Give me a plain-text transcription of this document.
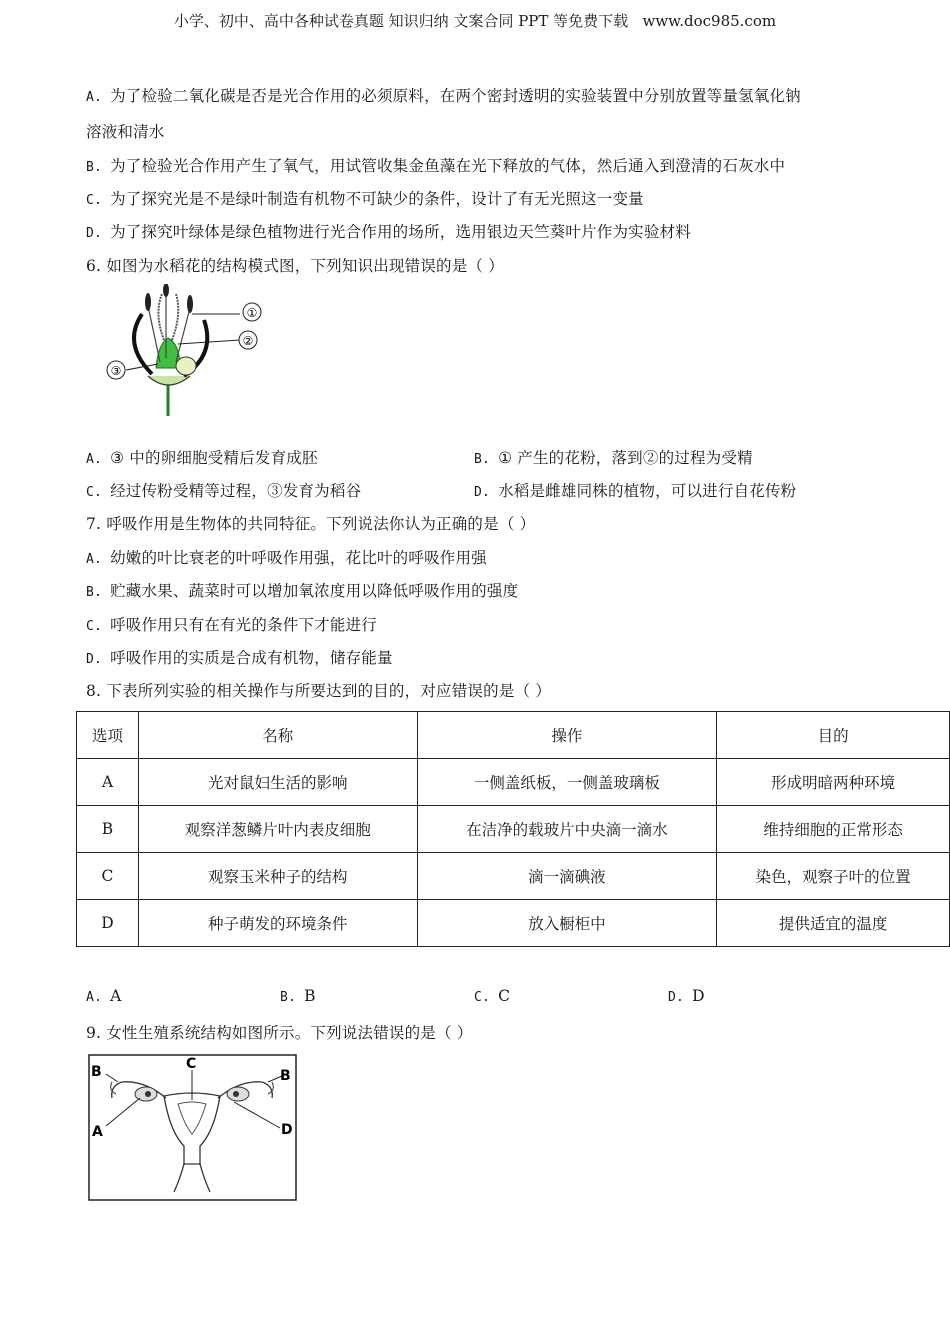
小学、初中、高中各种试卷真题 知识归纳 文案合同 PPT 等免费下载 www.doc985.com
A. 为了检验二氧化碳是否是光合作用的必须原料，在两个密封透明的实验装置中分别放置等量氢氧化钠
溶液和清水
B. 为了检验光合作用产生了氧气，用试管收集金鱼藻在光下释放的气体，然后通入到澄清的石灰水中
C. 为了探究光是不是绿叶制造有机物不可缺少的条件，设计了有无光照这一变量
D. 为了探究叶绿体是绿色植物进行光合作用的场所，选用银边天竺葵叶片作为实验材料
6. 如图为水稻花的结构模式图，下列知识出现错误的是（ ）
①
②
③
A. ③ 中的卵细胞受精后发育成胚	B. ① 产生的花粉，落到②的过程为受精
C. 经过传粉受精等过程，③发育为稻谷	D. 水稻是雌雄同株的植物，可以进行自花传粉
7. 呼吸作用是生物体的共同特征。下列说法你认为正确的是（ ）
A. 幼嫩的叶比衰老的叶呼吸作用强，花比叶的呼吸作用强
B. 贮藏水果、蔬菜时可以增加氧浓度用以降低呼吸作用的强度
C. 呼吸作用只有在有光的条件下才能进行
D. 呼吸作用的实质是合成有机物，储存能量
8. 下表所列实验的相关操作与所要达到的目的，对应错误的是（ ）
选项	名称	操作	目的
A	光对鼠妇生活的影响	一侧盖纸板，一侧盖玻璃板	形成明暗两种环境
B	观察洋葱鳞片叶内表皮细胞	在洁净的载玻片中央滴一滴水	维持细胞的正常形态
C	观察玉米种子的结构	滴一滴碘液	染色，观察子叶的位置
D	种子萌发的环境条件	放入橱柜中	提供适宜的温度
A. A	B. B	C. C	D. D
9. 女性生殖系统结构如图所示。下列说法错误的是（ ）
A
B	B
C
D
